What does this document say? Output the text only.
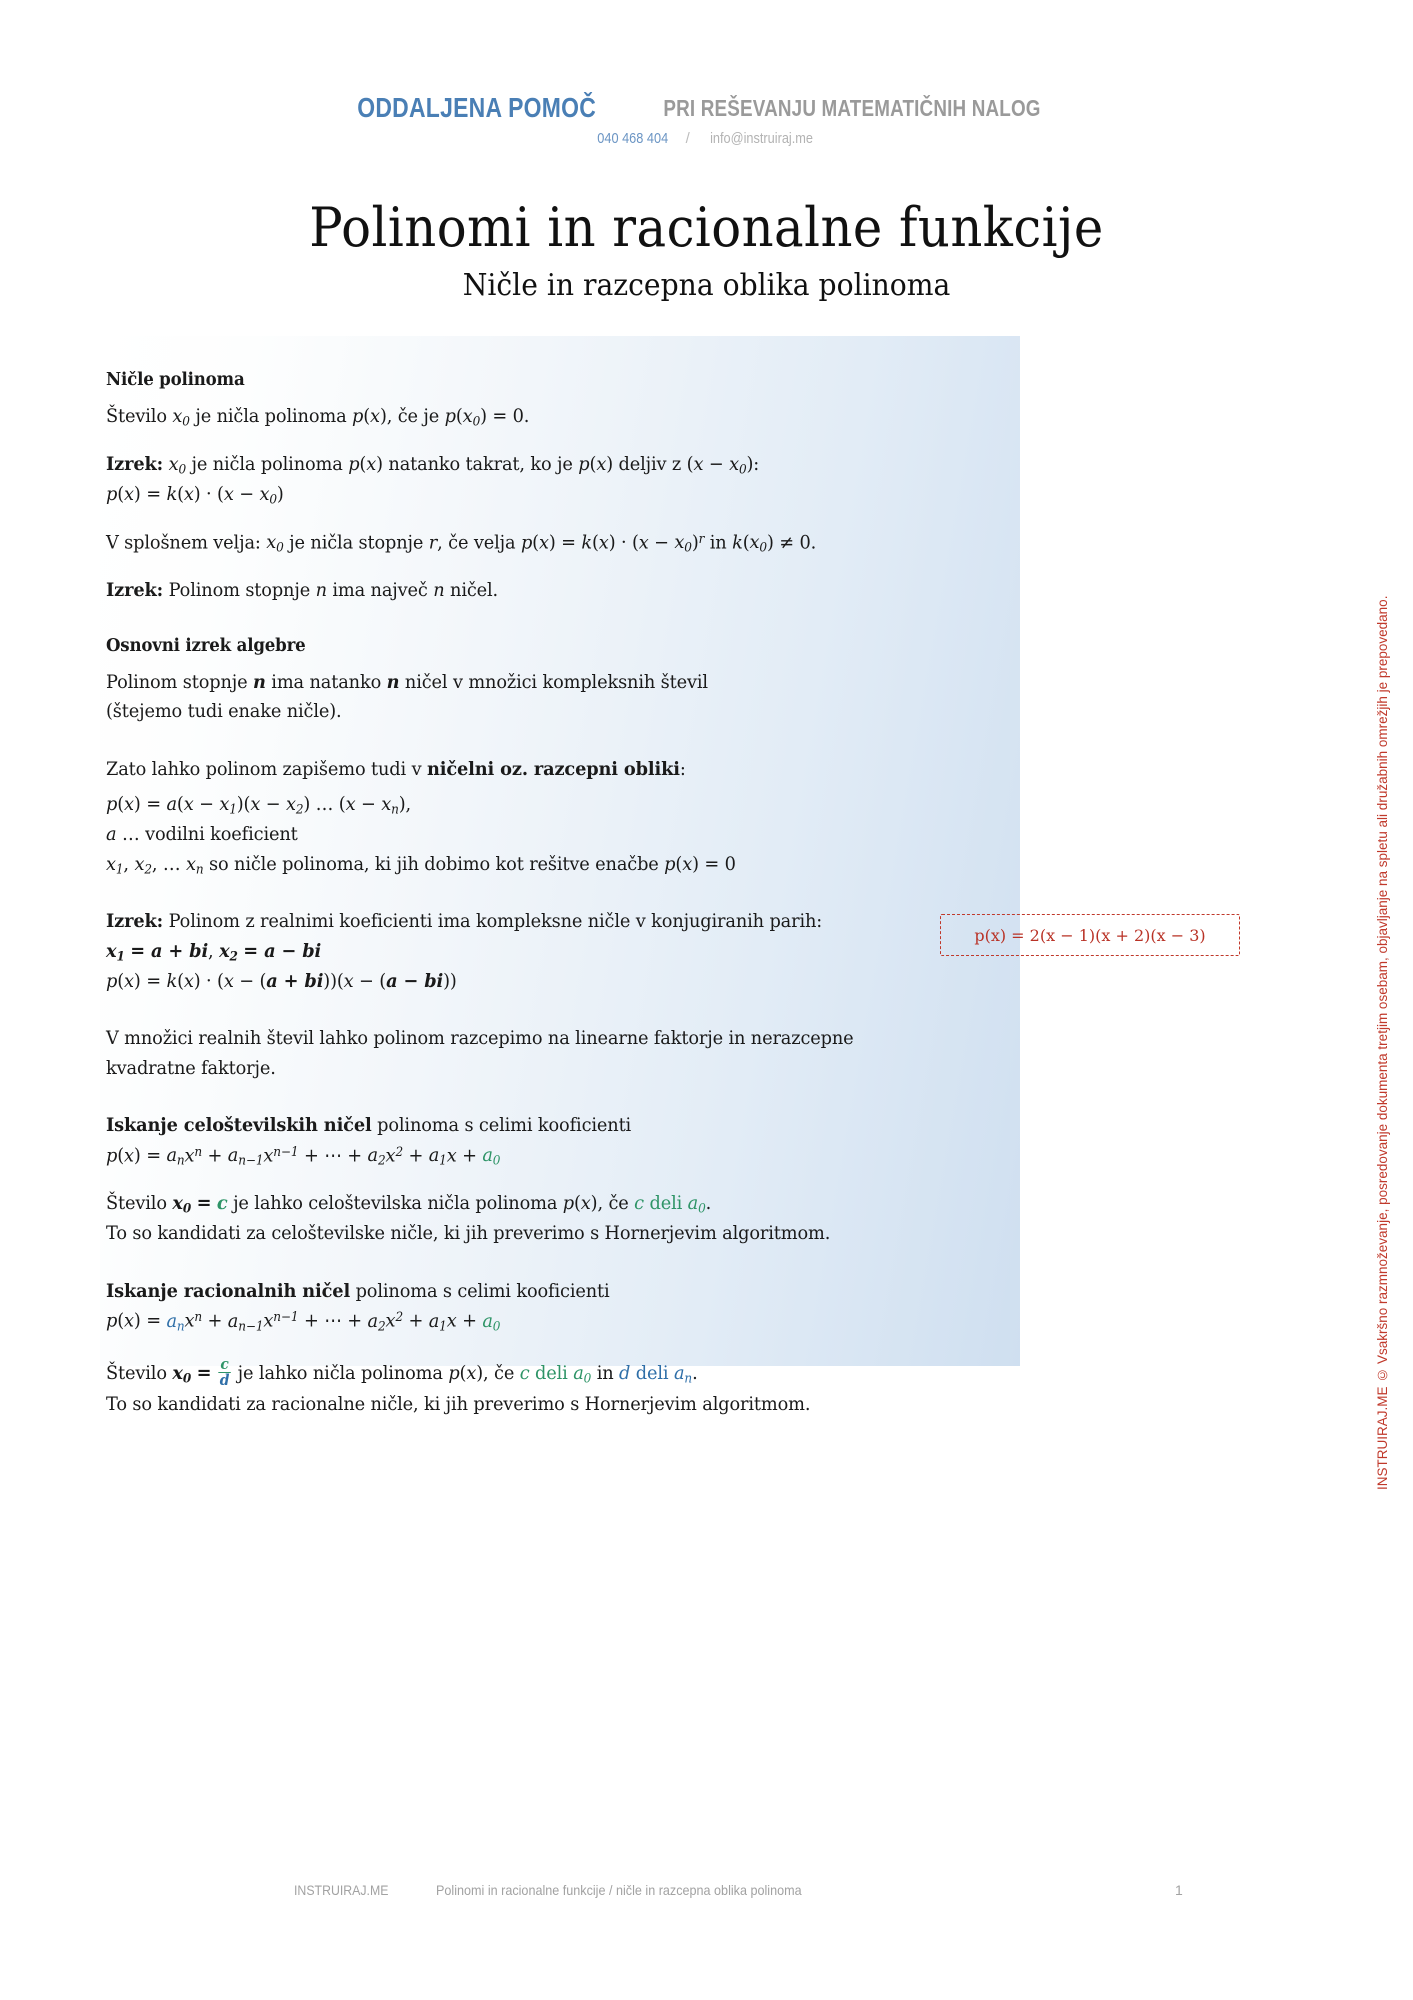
ODDALJENA POMOČ	PRI REŠEVANJU MATEMATIČNIH NALOG
040 468 404 / info@instruiraj.me
Polinomi in racionalne funkcije
Ničle in razcepna oblika polinoma
Ničle polinoma

Število $x_0$ je ničla polinoma p(x), če je $p(x_0) = 0$.

Izrek: $x_0$ je ničla polinoma p(x) natanko takrat, ko je p(x) deljiv z $(x - x_0)$:

$p(x) = k(x) \cdot (x - x_0)$

V splošnem velja: $x_0$ je ničla stopnje r, če velja $p(x) = k(x) \cdot (x - x_0)^r$ in $k(x_0) \ne 0$.

Izrek: Polinom stopnje n ima največ n ničel.

Osnovni izrek algebre

Polinom stopnje n ima natanko n ničel v množici kompleksnih števil

(štejemo tudi enake ničle).

Zato lahko polinom zapišemo tudi v ničelni oz. razcepni obliki:

$p(x) = a(x - x_1)(x - x_2)$ … $(x - x_n)$,

a … vodilni koeficient

$x_1$, $x_2$, … $x_n$ so ničle polinoma, ki jih dobimo kot rešitve enačbe p(x) = 0

Izrek: Polinom z realnimi koeficienti ima kompleksne ničle v konjugiranih parih:

$x_1 = a$ + bi, $x_2 = a$ − bi

p(x) = k(x) · (x − (a + bi))(x − (a − bi))

V množici realnih števil lahko polinom razcepimo na linearne faktorje in nerazcepne

kvadratne faktorje.

Iskanje celoštevilskih ničel polinoma s celimi kooficienti

$p(x) = a_nx^n + a_{n-1}x^{n-1}$ + ⋯ + $a_2x^2 + a_1x + a_0$

Število $x_0 = c$ je lahko celoštevilska ničla polinoma p(x), če c deli $a_0$.

To so kandidati za celoštevilske ničle, ki jih preverimo s Hornerjevim algoritmom.

Iskanje racionalnih ničel polinoma s celimi kooficienti

$p(x) = a_nx^n + a_{n-1}x^{n-1}$ + ⋯ + $a_2x^2 + a_1x + a_0$

Število $x_0 = \frac{c}{d}$ je lahko ničla polinoma p(x), če c deli $a_0$ in d deli $a_n$.

To so kandidati za racionalne ničle, ki jih preverimo s Hornerjevim algoritmom.

p(x) = 2(x − 1)(x + 2)(x − 3)	INSTRUIRAJ.ME © Vsakršno razmnoževanje, posredovanje dokumenta tretjim osebam, objavljanje na spletu ali družabnih omrežjih je prepovedano.
INSTRUIRAJ.ME	Polinomi in racionalne funkcije / ničle in razcepna oblika polinoma	1
